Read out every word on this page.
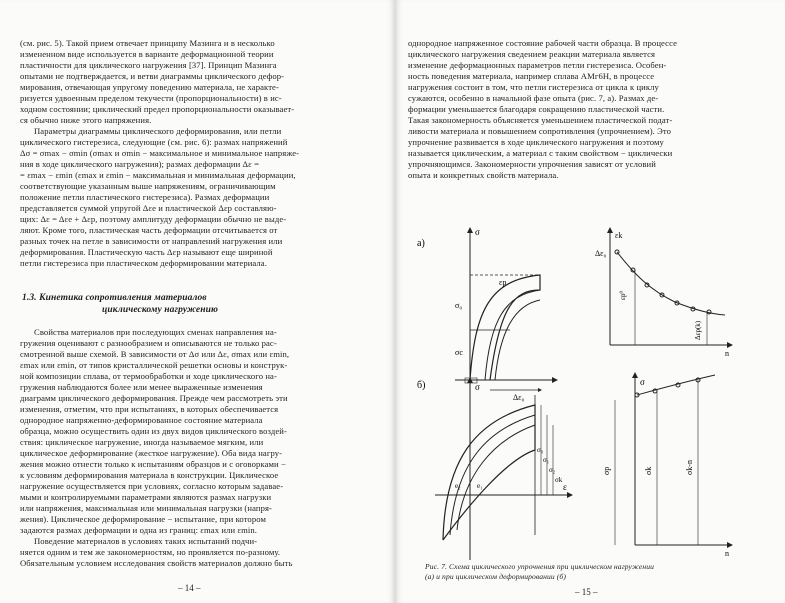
(см. рис. 5). Такой прием отвечает принципу Мазинга и в несколько
измененном виде используется в варианте деформационной теории
пластичности для циклического нагружения [37]. Принцип Мазинга
опытами не подтверждается, и ветви диаграммы циклического дефор-
мирования, отвечающая упругому поведению материала, не характе-
ризуется удвоенным пределом текучести (пропорциональности) в ис-
ходном состоянии; циклический предел пропорциональности оказывает-
ся обычно ниже этого напряжения.
Параметры диаграммы циклического деформирования, или петли
циклического гистерезиса, следующие (см. рис. 6): размах напряжений
Δσ = σmax − σmin (σmax и σmin − максимальное и минимальное напряже-
ния в ходе циклического нагружения); размах деформации Δε =
= εmax − εmin (εmax и εmin − максимальная и минимальная деформации,
соответствующие указанным выше напряжениям, ограничивающим
положение петли пластического гистерезиса). Размах деформации
представляется суммой упругой Δεe и пластической Δεp составляю-
щих: Δε = Δεe + Δεp, поэтому амплитуду деформации обычно не выде-
ляют. Кроме того, пластическая часть деформации отсчитывается от
разных точек на петле в зависимости от направлений нагружения или
деформирования. Пластическую часть Δεp называют еще шириной
петли гистерезиса при пластическом деформировании материала.
1.3. Кинетика сопротивления материалов
циклическому нагружению
Свойства материалов при последующих сменах направления на-
гружения оценивают с разнообразием и описываются не только рас-
смотренной выше схемой. В зависимости от Δσ или Δε, σmax или εmin,
εmax или εmin, от типов кристаллической решетки основы и конструк-
ной композиции сплава, от термообработки и ходе циклического на-
гружения наблюдаются более или менее выраженные изменения
диаграмм циклического деформирования. Прежде чем рассмотреть эти
изменения, отметим, что при испытаниях, в которых обеспечивается
однородное напряженно-деформированное состояние материала
образца, можно осуществить один из двух видов циклического воздей-
ствия: циклическое нагружение, иногда называемое мягким, или
циклическое деформирование (жесткое нагружение). Оба вида нагру-
жения можно отнести только к испытаниям образцов и с оговорками −
к условиям деформирования материала в конструкции. Циклическое
нагружение осуществляется при условиях, согласно которым задавае-
мыми и контролируемыми параметрами являются размах нагрузки
или напряжения, максимальная или минимальная нагрузки (напря-
жения). Циклическое деформирование − испытание, при котором
задаются размах деформации и одна из границ: εmax или εmin.
Поведение материалов в условиях таких испытаний подчи-
няется одним и тем же закономерностям, но проявляется по-разному.
Обязательным условием исследования свойств материалов должно быть
– 14 –
однородное напряженное состояние рабочей части образца. В процессе
циклического нагружения сведением реакции материала является
изменение деформационных параметров петли гистерезиса. Особен-
ность поведения материала, например сплава АМг6Н, в процессе
нагружения состоит в том, что петли гистерезиса от цикла к циклу
сужаются, особенно в начальной фазе опыта (рис. 7, а). Размах де-
формации уменьшается благодаря сокращению пластической части.
Такая закономерность объясняется уменьшением пластической подат-
ливости материала и повышением сопротивления (упрочнением). Это
упрочнение развивается в ходе циклического нагружения и поэтому
называется циклическим, а материал с таким свойством − циклически
упрочняющимся. Закономерности упрочнения зависят от условий
опыта и конкретных свойств материала.
а)
σ
σ₀
σc
εp
Δε₀
εk
Δε₀
n
εp⁰
Δεp(k)
б)	σ
ε
σ₀
σ₁
σ₂
σk
e₁
e₂
σ
n
σp	σk	σk-n
Рис. 7. Схема циклического упрочнения при циклическом нагружении
(а) и при циклическом деформировании (б)
– 15 –
